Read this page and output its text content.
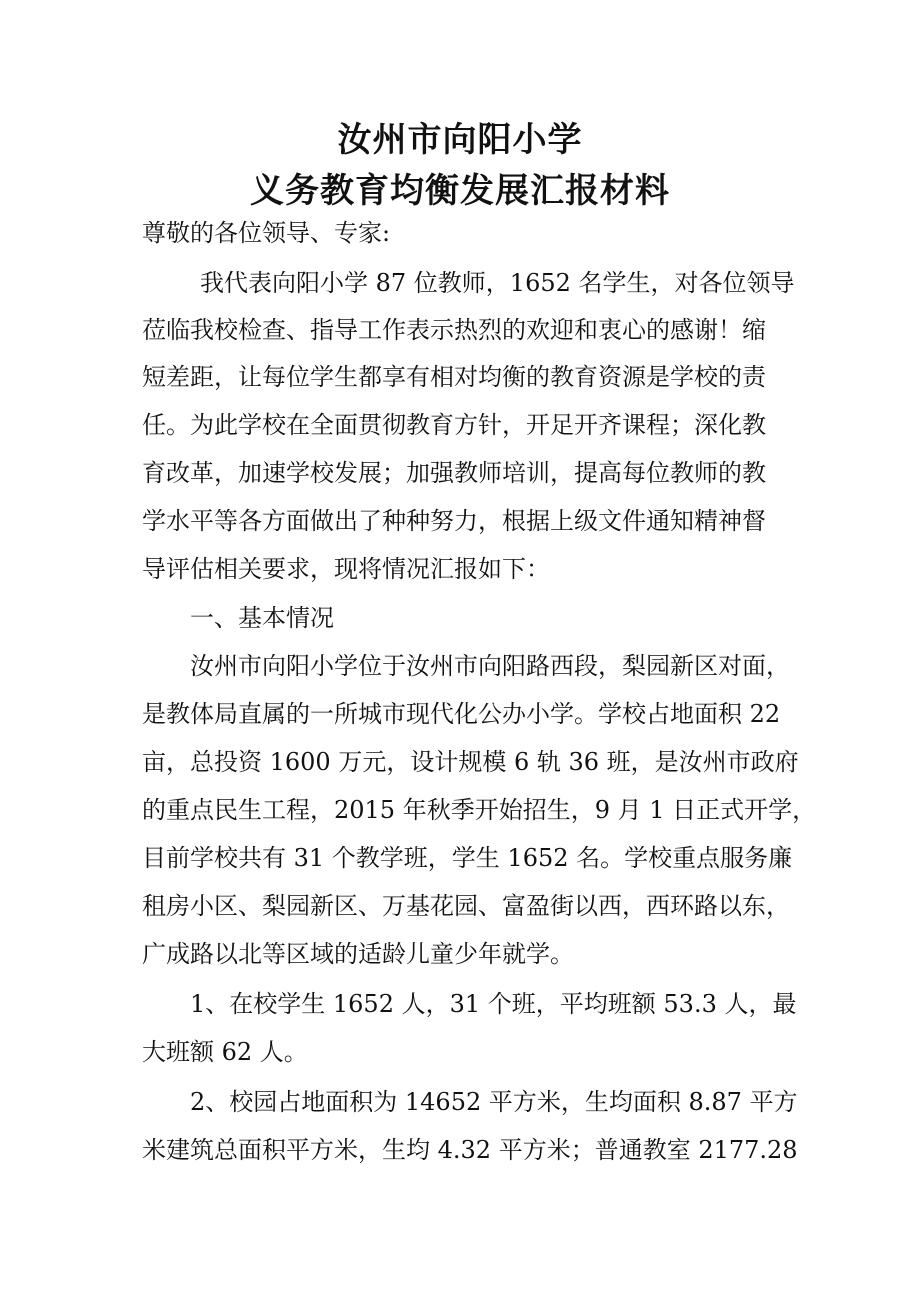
汝州市向阳小学
义务教育均衡发展汇报材料
尊敬的各位领导、专家:
我代表向阳小学 87 位教师，1652 名学生，对各位领导
莅临我校检查、指导工作表示热烈的欢迎和衷心的感谢！缩
短差距，让每位学生都享有相对均衡的教育资源是学校的责
任。为此学校在全面贯彻教育方针，开足开齐课程；深化教
育改革，加速学校发展；加强教师培训，提高每位教师的教
学水平等各方面做出了种种努力，根据上级文件通知精神督
导评估相关要求，现将情况汇报如下：
一、基本情况
汝州市向阳小学位于汝州市向阳路西段，梨园新区对面，
是教体局直属的一所城市现代化公办小学。学校占地面积 22
亩，总投资 1600 万元，设计规模 6 轨 36 班，是汝州市政府
的重点民生工程，2015 年秋季开始招生，9 月 1 日正式开学，
目前学校共有 31 个教学班，学生 1652 名。学校重点服务廉
租房小区、梨园新区、万基花园、富盈街以西，西环路以东，
广成路以北等区域的适龄儿童少年就学。
1、在校学生 1652 人，31 个班，平均班额 53.3 人，最
大班额 62 人。
2、校园占地面积为 14652 平方米，生均面积 8.87 平方
米建筑总面积平方米，生均 4.32 平方米；普通教室 2177.28
